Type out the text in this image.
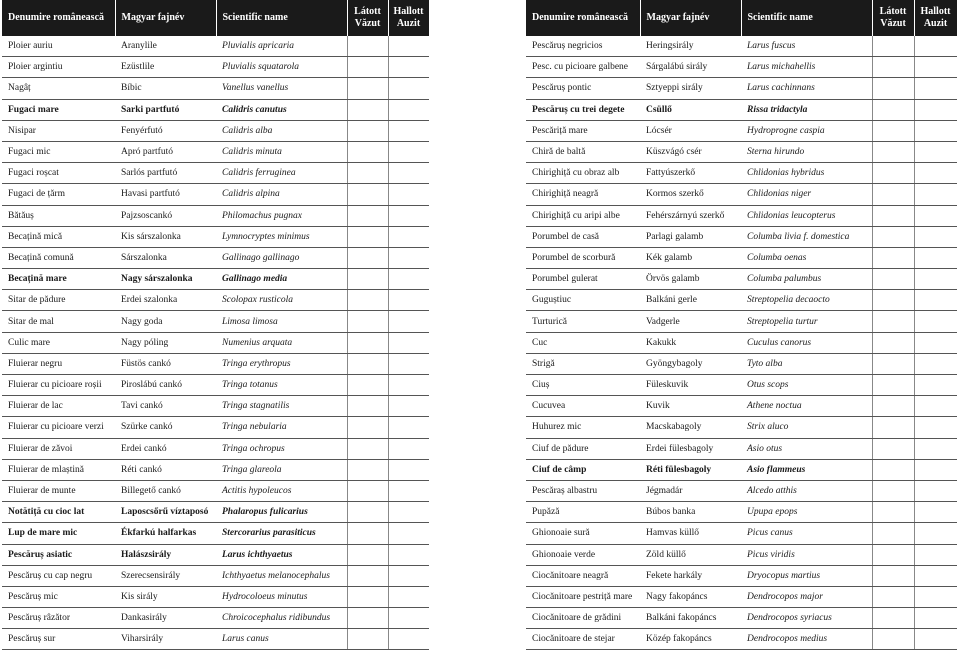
Denumire românească	Magyar fajnév	Scientific name	Látott Văzut	Hallott Auzit
Ploier auriu	Aranylile	Pluvialis apricaria		
Ploier argintiu	Ezüstlile	Pluvialis squatarola		
Nagâț	Bíbic	Vanellus vanellus		
Fugaci mare	Sarki partfutó	Calidris canutus		
Nisipar	Fenyérfutó	Calidris alba		
Fugaci mic	Apró partfutó	Calidris minuta		
Fugaci roșcat	Sarlós partfutó	Calidris ferruginea		
Fugaci de țărm	Havasi partfutó	Calidris alpina		
Bătăuș	Pajzsoscankó	Philomachus pugnax		
Becațină mică	Kis sárszalonka	Lymnocryptes minimus		
Becațină comună	Sárszalonka	Gallinago gallinago		
Becațină mare	Nagy sárszalonka	Gallinago media		
Sitar de pădure	Erdei szalonka	Scolopax rusticola		
Sitar de mal	Nagy goda	Limosa limosa		
Culic mare	Nagy póling	Numenius arquata		
Fluierar negru	Füstös cankó	Tringa erythropus		
Fluierar cu picioare roșii	Piroslábú cankó	Tringa totanus		
Fluierar de lac	Tavi cankó	Tringa stagnatilis		
Fluierar cu picioare verzi	Szürke cankó	Tringa nebularia		
Fluierar de zăvoi	Erdei cankó	Tringa ochropus		
Fluierar de mlaștină	Réti cankó	Tringa glareola		
Fluierar de munte	Billegető cankó	Actitis hypoleucos		
Notătiță cu cioc lat	Laposcsőrű víztaposó	Phalaropus fulicarius		
Lup de mare mic	Ékfarkú halfarkas	Stercorarius parasiticus		
Pescăruș asiatic	Halászsirály	Larus ichthyaetus		
Pescăruș cu cap negru	Szerecsensirály	Ichthyaetus melanocephalus		
Pescăruș mic	Kis sirály	Hydrocoloeus minutus		
Pescăruș râzător	Dankasirály	Chroicocephalus ridibundus		
Pescăruș sur	Viharsirály	Larus canus		
Denumire românească	Magyar fajnév	Scientific name	Látott Văzut	Hallott Auzit
Pescăruș negricios	Heringsirály	Larus fuscus		
Pesc. cu picioare galbene	Sárgalábú sirály	Larus michahellis		
Pescăruș pontic	Sztyeppi sirály	Larus cachinnans		
Pescăruș cu trei degete	Csüllő	Rissa tridactyla		
Pescăriță mare	Lócsér	Hydroprogne caspia		
Chiră de baltă	Küszvágó csér	Sterna hirundo		
Chirighiță cu obraz alb	Fattyúszerkő	Chlidonias hybridus		
Chirighiță neagră	Kormos szerkő	Chlidonias niger		
Chirighiță cu aripi albe	Fehérszárnyú szerkő	Chlidonias leucopterus		
Porumbel de casă	Parlagi galamb	Columba livia f. domestica		
Porumbel de scorbură	Kék galamb	Columba oenas		
Porumbel gulerat	Örvös galamb	Columba palumbus		
Guguștiuc	Balkáni gerle	Streptopelia decaocto		
Turturică	Vadgerle	Streptopelia turtur		
Cuc	Kakukk	Cuculus canorus		
Strigă	Gyöngybagoly	Tyto alba		
Ciuș	Füleskuvik	Otus scops		
Cucuvea	Kuvik	Athene noctua		
Huhurez mic	Macskabagoly	Strix aluco		
Ciuf de pădure	Erdei fülesbagoly	Asio otus		
Ciuf de câmp	Réti fülesbagoly	Asio flammeus		
Pescăraș albastru	Jégmadár	Alcedo atthis		
Pupăză	Búbos banka	Upupa epops		
Ghionoaie sură	Hamvas küllő	Picus canus		
Ghionoaie verde	Zöld küllő	Picus viridis		
Ciocănitoare neagră	Fekete harkály	Dryocopus martius		
Ciocănitoare pestriță mare	Nagy fakopáncs	Dendrocopos major		
Ciocănitoare de grădini	Balkáni fakopáncs	Dendrocopos syriacus		
Ciocănitoare de stejar	Közép fakopáncs	Dendrocopos medius		
